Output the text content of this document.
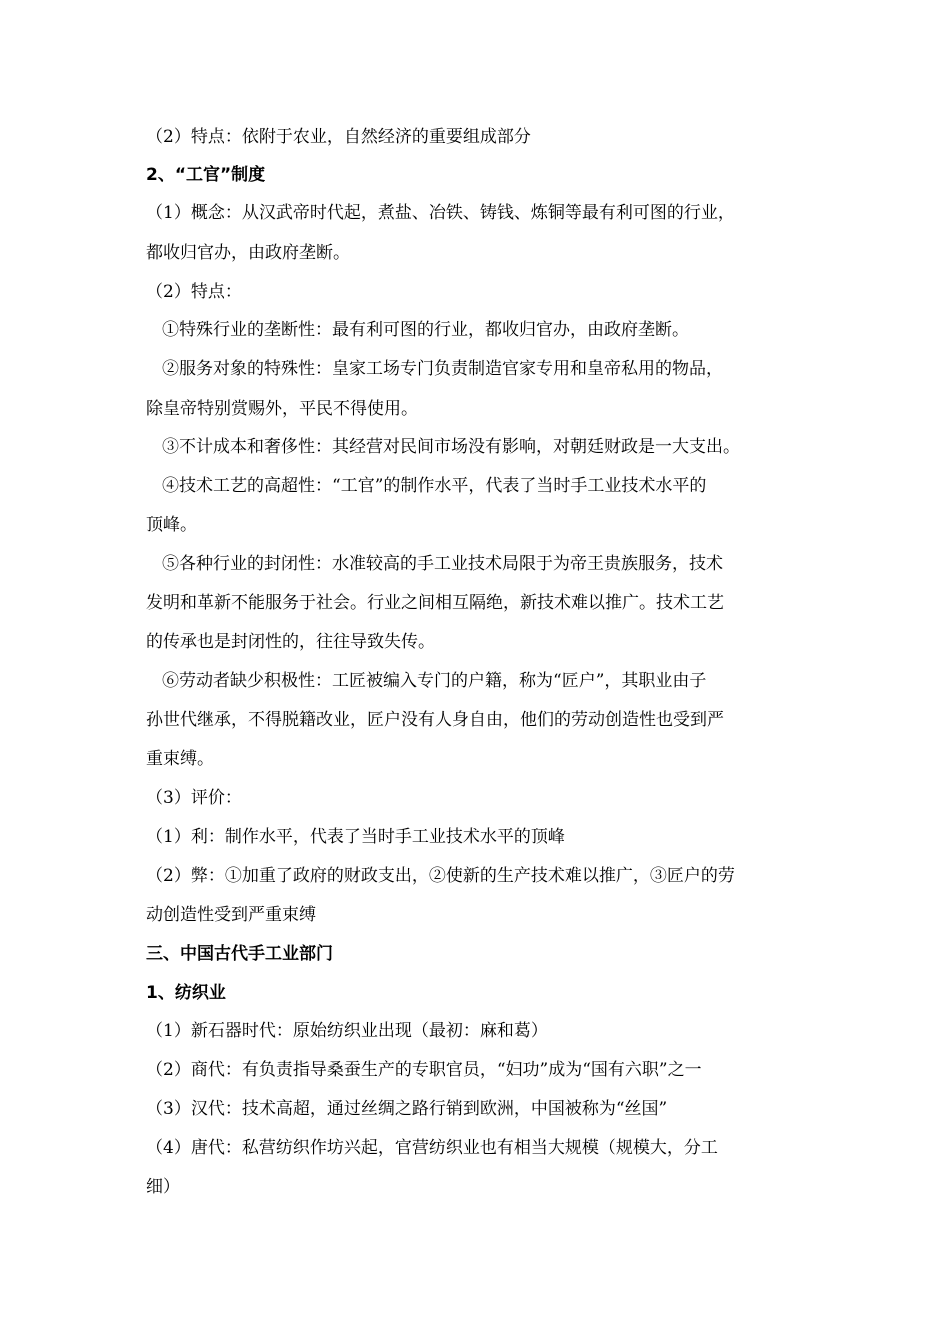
（2）特点：依附于农业，自然经济的重要组成部分

2、“工官”制度

（1）概念：从汉武帝时代起，煮盐、冶铁、铸钱、炼铜等最有利可图的行业，

都收归官办，由政府垄断。

（2）特点：

①特殊行业的垄断性：最有利可图的行业，都收归官办，由政府垄断。

②服务对象的特殊性：皇家工场专门负责制造官家专用和皇帝私用的物品，

除皇帝特别赏赐外，平民不得使用。

③不计成本和奢侈性：其经营对民间市场没有影响，对朝廷财政是一大支出。

④技术工艺的高超性：“工官”的制作水平，代表了当时手工业技术水平的

顶峰。

⑤各种行业的封闭性：水准较高的手工业技术局限于为帝王贵族服务，技术

发明和革新不能服务于社会。行业之间相互隔绝，新技术难以推广。技术工艺

的传承也是封闭性的，往往导致失传。

⑥劳动者缺少积极性：工匠被编入专门的户籍，称为“匠户”，其职业由子

孙世代继承，不得脱籍改业，匠户没有人身自由，他们的劳动创造性也受到严

重束缚。

（3）评价：

（1）利：制作水平，代表了当时手工业技术水平的顶峰

（2）弊：①加重了政府的财政支出，②使新的生产技术难以推广，③匠户的劳

动创造性受到严重束缚

三、中国古代手工业部门

1、纺织业

（1）新石器时代：原始纺织业出现（最初：麻和葛）

（2）商代：有负责指导桑蚕生产的专职官员，“妇功”成为“国有六职”之一

（3）汉代：技术高超，通过丝绸之路行销到欧洲，中国被称为“丝国”

（4）唐代：私营纺织作坊兴起，官营纺织业也有相当大规模（规模大，分工

细）
